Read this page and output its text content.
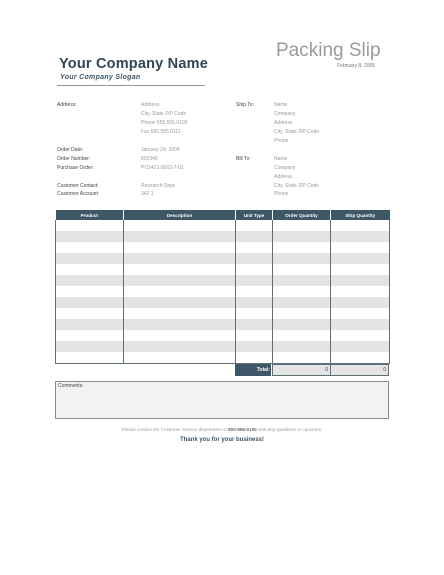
Packing Slip
February 8, 2005
Your Company Name
Your Company Slogan
Address:	Address
City, State ZIP Code
Phone 555.555.0100
Fax 555.555.0111
Ship To:	Name
Company
Address
City, State ZIP Code
Phone
Order Date:	January 24, 2004
Order Number:	892340
Purchase Order:	PO2421-8002-7-01
Customer Contact:	Research Dept.
Customer Account:	342.1
Bill To:	Name
Company
Address
City, State ZIP Code
Phone
Product	Description	Unit Type	Order Quantity	Ship Quantity

Total:	0	0
Comments:
Please contact the Customer Service department at 800-555-0100 with any questions or concerns.
Thank you for your business!
